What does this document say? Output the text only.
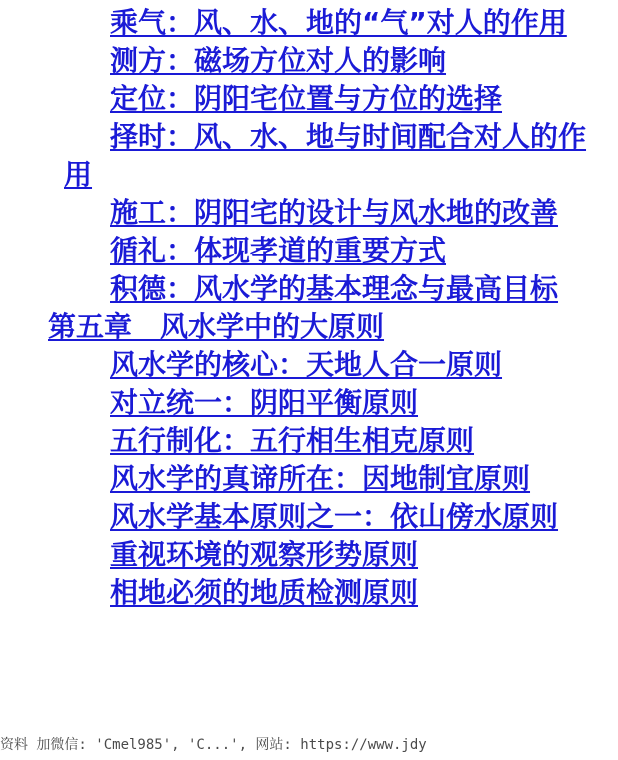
乘气：风、水、地的“气”对人的作用
测方：磁场方位对人的影响
定位：阴阳宅位置与方位的选择
择时：风、水、地与时间配合对人的作用
施工：阴阳宅的设计与风水地的改善
循礼：体现孝道的重要方式
积德：风水学的基本理念与最高目标
第五章　风水学中的大原则
风水学的核心：天地人合一原则
对立统一：阴阳平衡原则
五行制化：五行相生相克原则
风水学的真谛所在：因地制宜原则
风水学基本原则之一：依山傍水原则
重视环境的观察形势原则
相地必须的地质检测原则
资料 加微信: 'Cmel985', 'C...', 网站: https://www.jdy
